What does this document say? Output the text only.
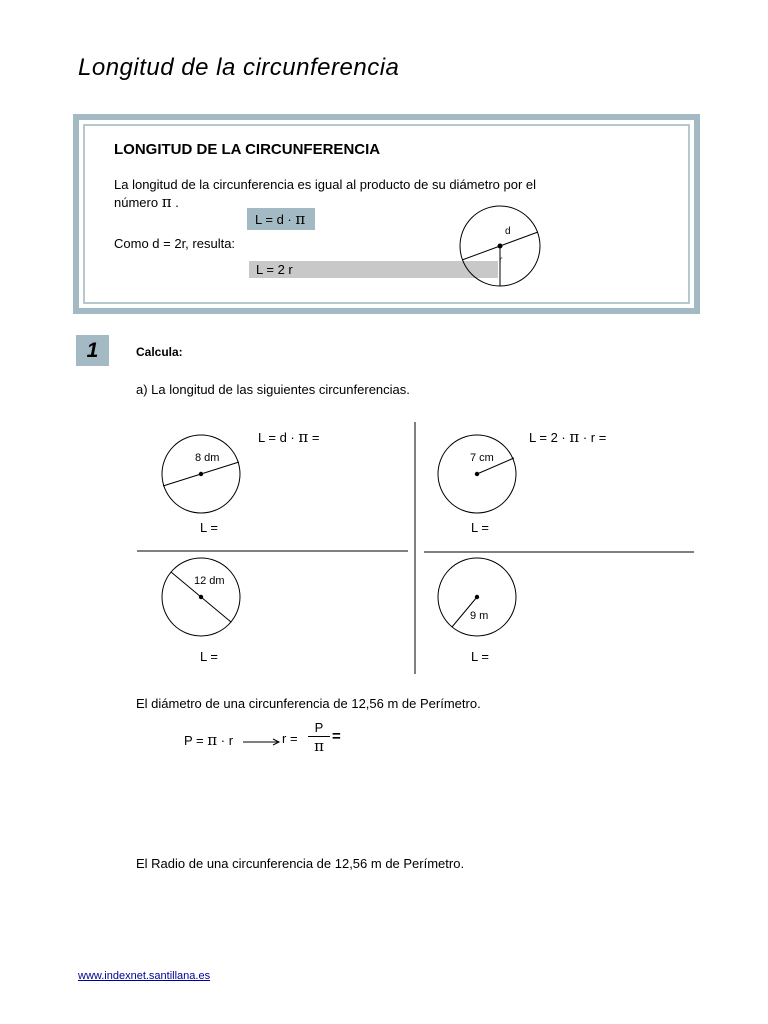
Longitud de la circunferencia
LONGITUD DE LA CIRCUNFERENCIA
La longitud de la circunferencia es igual al producto de su diámetro por el
número π .
L = d · π
Como d = 2r, resulta:
L = 2 r
d
r
1	Calcula:
a) La longitud de las siguientes circunferencias.
L = d · π =	L = 2 · π · r =
8 dm
L =
7 cm
L =
12 dm
L =
9 m
L =
El diámetro de una circunferencia de 12,56 m de Perímetro.
P = π · r	r =
P
π
=
El Radio de una circunferencia de 12,56 m de Perímetro.
www.indexnet.santillana.es
